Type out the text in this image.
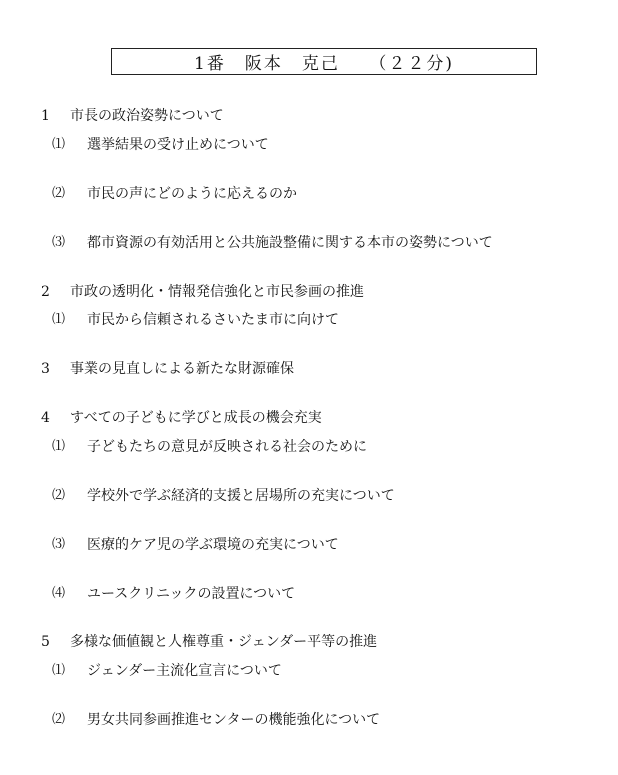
1番　阪本　克己　　（２２分)
1 市長の政治姿勢について
⑴ 選挙結果の受け止めについて
⑵ 市民の声にどのように応えるのか
⑶ 都市資源の有効活用と公共施設整備に関する本市の姿勢について
2 市政の透明化・情報発信強化と市民参画の推進
⑴ 市民から信頼されるさいたま市に向けて
3 事業の見直しによる新たな財源確保
4 すべての子どもに学びと成長の機会充実
⑴ 子どもたちの意見が反映される社会のために
⑵ 学校外で学ぶ経済的支援と居場所の充実について
⑶ 医療的ケア児の学ぶ環境の充実について
⑷ ユースクリニックの設置について
5 多様な価値観と人権尊重・ジェンダー平等の推進
⑴ ジェンダー主流化宣言について
⑵ 男女共同参画推進センターの機能強化について
